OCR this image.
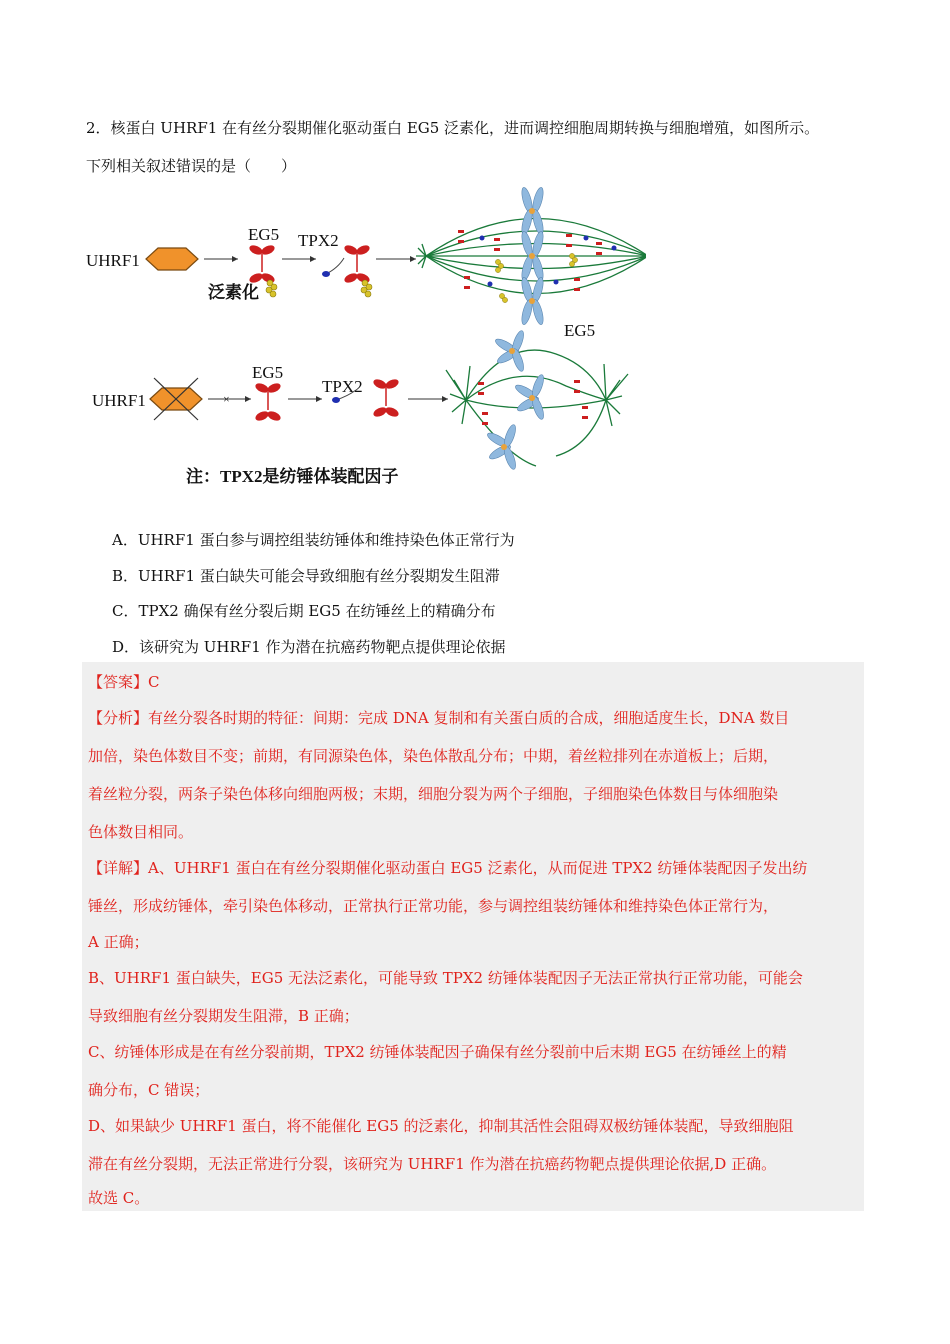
2．核蛋白 UHRF1 在有丝分裂期催化驱动蛋白 EG5 泛素化，进而调控细胞周期转换与细胞增殖，如图所示。
下列相关叙述错误的是（　　）
UHRF1
EG5
泛素化
TPX2
UHRF1	×
EG5
TPX2
EG5
注：TPX2是纺锤体装配因子
A．UHRF1 蛋白参与调控组装纺锤体和维持染色体正常行为
B．UHRF1 蛋白缺失可能会导致细胞有丝分裂期发生阻滞
C．TPX2 确保有丝分裂后期 EG5 在纺锤丝上的精确分布
D．该研究为 UHRF1 作为潜在抗癌药物靶点提供理论依据
【答案】C
【分析】有丝分裂各时期的特征：间期：完成 DNA 复制和有关蛋白质的合成，细胞适度生长，DNA 数目
加倍，染色体数目不变；前期，有同源染色体，染色体散乱分布；中期，着丝粒排列在赤道板上；后期，
着丝粒分裂，两条子染色体移向细胞两极；末期，细胞分裂为两个子细胞，子细胞染色体数目与体细胞染
色体数目相同。
【详解】A、UHRF1 蛋白在有丝分裂期催化驱动蛋白 EG5 泛素化，从而促进 TPX2 纺锤体装配因子发出纺
锤丝，形成纺锤体，牵引染色体移动，正常执行正常功能，参与调控组装纺锤体和维持染色体正常行为，
A 正确；
B、UHRF1 蛋白缺失，EG5 无法泛素化，可能导致 TPX2 纺锤体装配因子无法正常执行正常功能，可能会
导致细胞有丝分裂期发生阻滞，B 正确；
C、纺锤体形成是在有丝分裂前期，TPX2 纺锤体装配因子确保有丝分裂前中后末期 EG5 在纺锤丝上的精
确分布，C 错误；
D、如果缺少 UHRF1 蛋白，将不能催化 EG5 的泛素化，抑制其活性会阻碍双极纺锤体装配，导致细胞阻
滞在有丝分裂期，无法正常进行分裂，该研究为 UHRF1 作为潜在抗癌药物靶点提供理论依据,D 正确。
故选 C。
